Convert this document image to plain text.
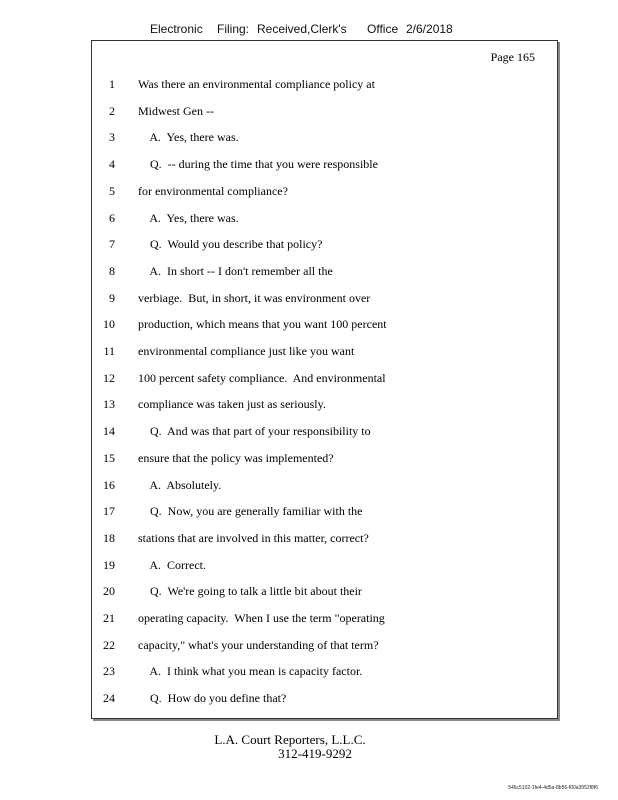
Electronic Filing: Received,Clerk's Office 2/6/2018
Page 165
1 Was there an environmental compliance policy at
2 Midwest Gen --
3 A.  Yes, there was.
4 Q.  -- during the time that you were responsible
5 for environmental compliance?
6 A.  Yes, there was.
7 Q.  Would you describe that policy?
8 A.  In short -- I don't remember all the
9 verbiage.  But, in short, it was environment over
10 production, which means that you want 100 percent
11 environmental compliance just like you want
12 100 percent safety compliance.  And environmental
13 compliance was taken just as seriously.
14 Q.  And was that part of your responsibility to
15 ensure that the policy was implemented?
16 A.  Absolutely.
17 Q.  Now, you are generally familiar with the
18 stations that are involved in this matter, correct?
19 A.  Correct.
20 Q.  We're going to talk a little bit about their
21 operating capacity.  When I use the term "operating
22 capacity," what's your understanding of that term?
23 A.  I think what you mean is capacity factor.
24 Q.  How do you define that?
L.A. Court Reporters, L.L.C.
312-419-9292
546c5102-1fe4-4d5a-8b56-f00a3952f8f6
